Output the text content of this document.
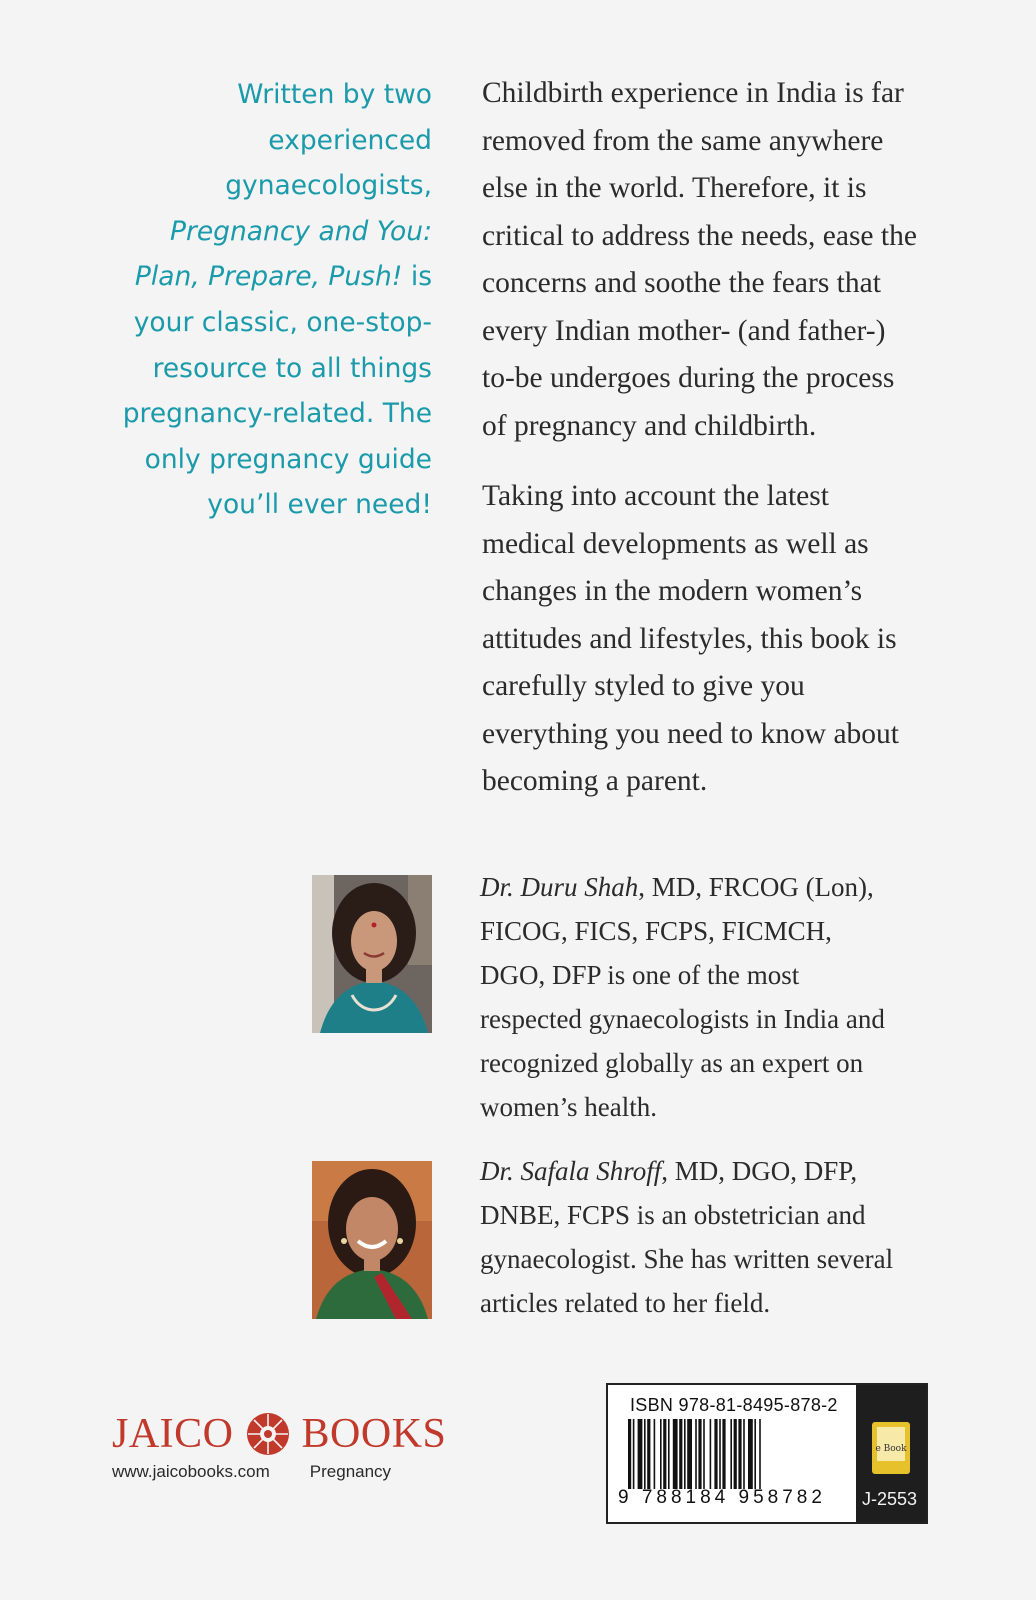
Written by two
experienced
gynaecologists,
Pregnancy and You:
Plan, Prepare, Push! is
your classic, one-stop-
resource to all things
pregnancy-related. The
only pregnancy guide
you’ll ever need!

Childbirth experience in India is far
removed from the same anywhere
else in the world. Therefore, it is
critical to address the needs, ease the
concerns and soothe the fears that
every Indian mother- (and father-)
to-be undergoes during the process
of pregnancy and childbirth.

Taking into account the latest
medical developments as well as
changes in the modern women’s
attitudes and lifestyles, this book is
carefully styled to give you
everything you need to know about
becoming a parent.

Dr. Duru Shah, MD, FRCOG (Lon),
FICOG, FICS, FCPS, FICMCH,
DGO, DFP is one of the most
respected gynaecologists in India and
recognized globally as an expert on
women’s health.
Dr. Safala Shroff, MD, DGO, DFP,
DNBE, FCPS is an obstetrician and
gynaecologist. She has written several
articles related to her field.
JAICO BOOKS
www.jaicobooks.com Pregnancy
ISBN 978-81-8495-878-2
9 788184 958782
e Book
J-2553
